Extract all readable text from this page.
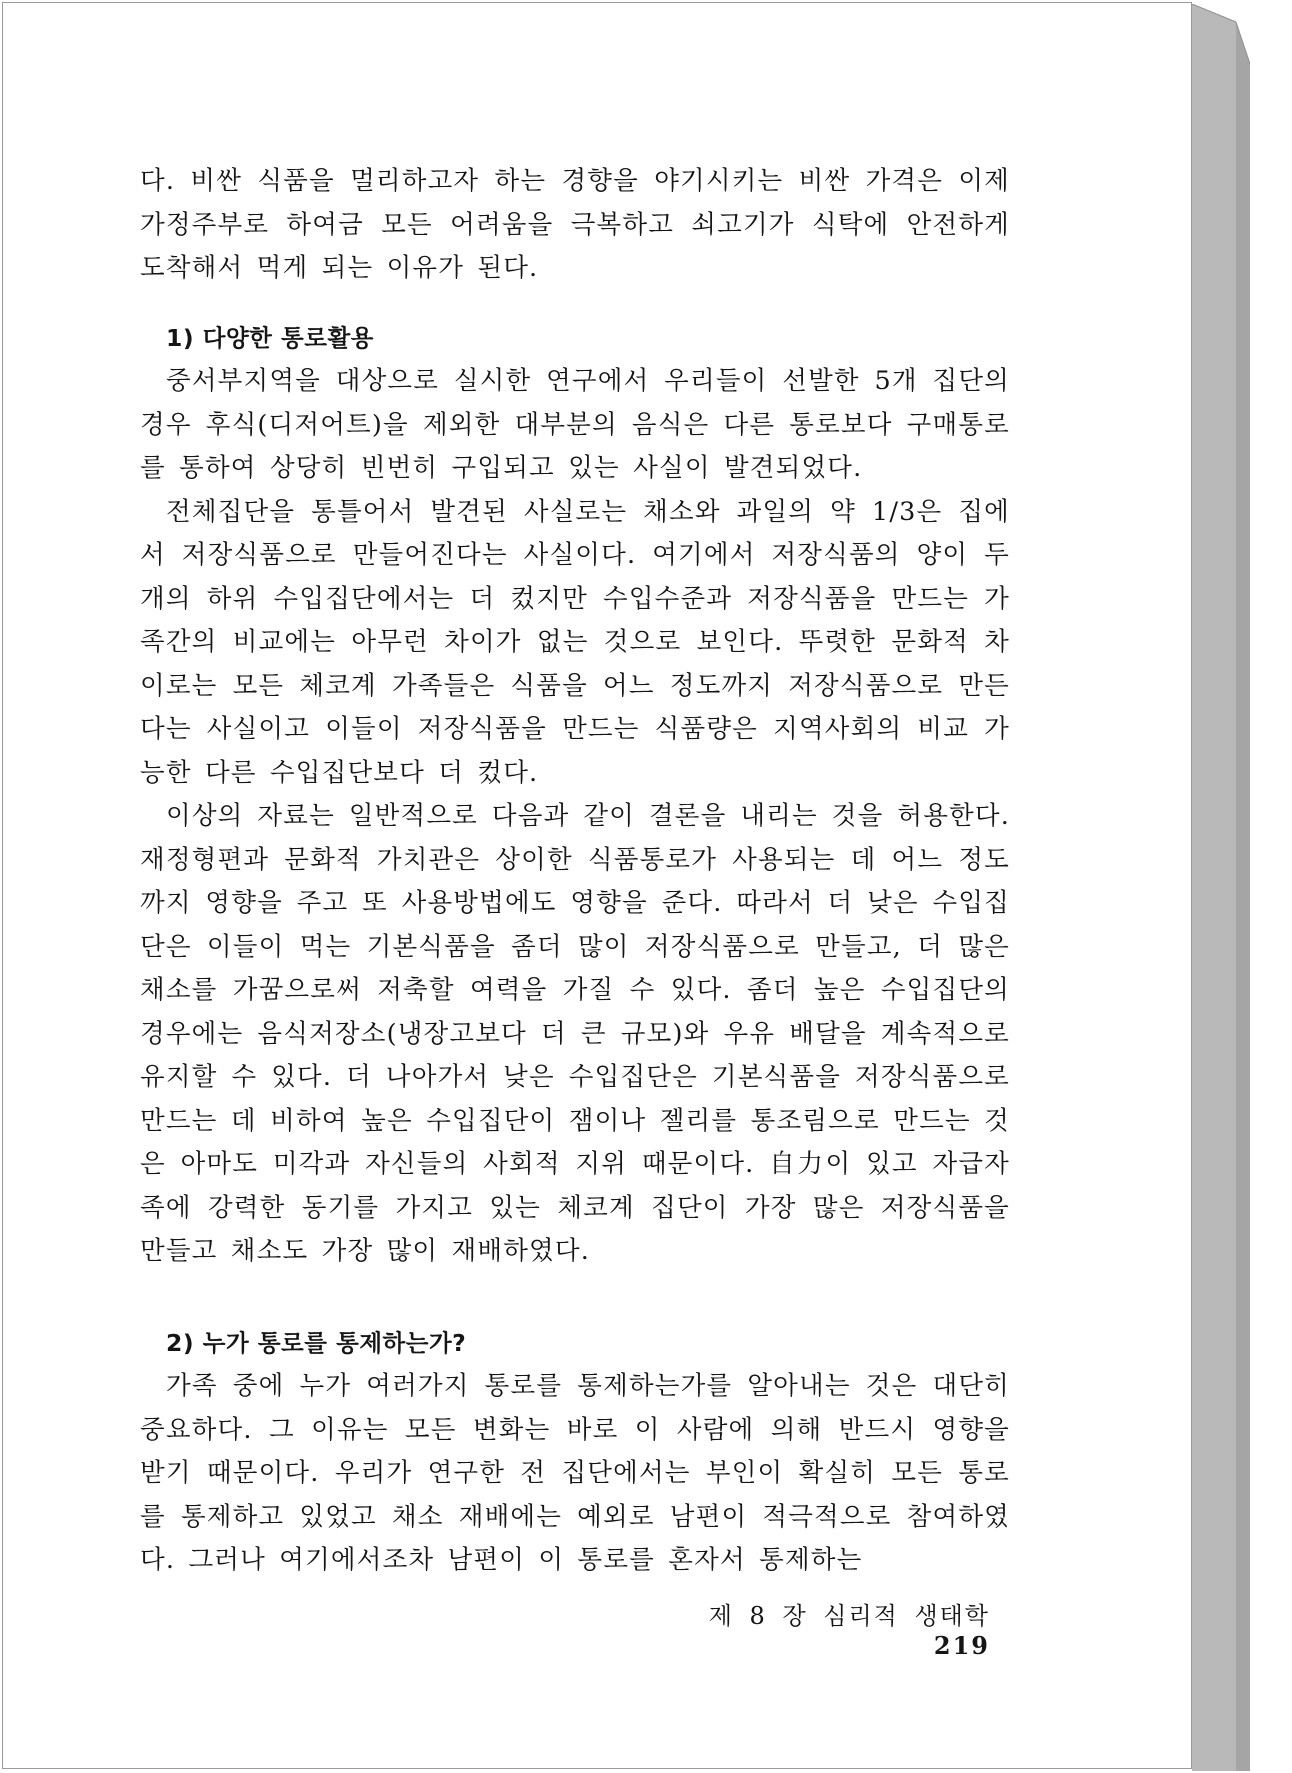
다. 비싼 식품을 멀리하고자 하는 경향을 야기시키는 비싼 가격은 이제 가정주부로 하여금 모든 어려움을 극복하고 쇠고기가 식탁에 안전하게 도착해서 먹게 되는 이유가 된다.

1) 다양한 통로활용

중서부지역을 대상으로 실시한 연구에서 우리들이 선발한 5개 집단의 경우 후식(디저어트)을 제외한 대부분의 음식은 다른 통로보다 구매통로를 통하여 상당히 빈번히 구입되고 있는 사실이 발견되었다.

전체집단을 통틀어서 발견된 사실로는 채소와 과일의 약 1/3은 집에서 저장식품으로 만들어진다는 사실이다. 여기에서 저장식품의 양이 두 개의 하위 수입집단에서는 더 컸지만 수입수준과 저장식품을 만드는 가족간의 비교에는 아무런 차이가 없는 것으로 보인다. 뚜렷한 문화적 차이로는 모든 체코계 가족들은 식품을 어느 정도까지 저장식품으로 만든다는 사실이고 이들이 저장식품을 만드는 식품량은 지역사회의 비교 가능한 다른 수입집단보다 더 컸다.

이상의 자료는 일반적으로 다음과 같이 결론을 내리는 것을 허용한다. 재정형편과 문화적 가치관은 상이한 식품통로가 사용되는 데 어느 정도까지 영향을 주고 또 사용방법에도 영향을 준다. 따라서 더 낮은 수입집단은 이들이 먹는 기본식품을 좀더 많이 저장식품으로 만들고, 더 많은 채소를 가꿈으로써 저축할 여력을 가질 수 있다. 좀더 높은 수입집단의 경우에는 음식저장소(냉장고보다 더 큰 규모)와 우유 배달을 계속적으로 유지할 수 있다. 더 나아가서 낮은 수입집단은 기본식품을 저장식품으로 만드는 데 비하여 높은 수입집단이 잼이나 젤리를 통조림으로 만드는 것은 아마도 미각과 자신들의 사회적 지위 때문이다. 自力이 있고 자급자족에 강력한 동기를 가지고 있는 체코계 집단이 가장 많은 저장식품을 만들고 채소도 가장 많이 재배하였다.

2) 누가 통로를 통제하는가?

가족 중에 누가 여러가지 통로를 통제하는가를 알아내는 것은 대단히 중요하다. 그 이유는 모든 변화는 바로 이 사람에 의해 반드시 영향을 받기 때문이다. 우리가 연구한 전 집단에서는 부인이 확실히 모든 통로를 통제하고 있었고 채소 재배에는 예외로 남편이 적극적으로 참여하였다. 그러나 여기에서조차 남편이 이 통로를 혼자서 통제하는

제 8 장 심리적 생태학219
